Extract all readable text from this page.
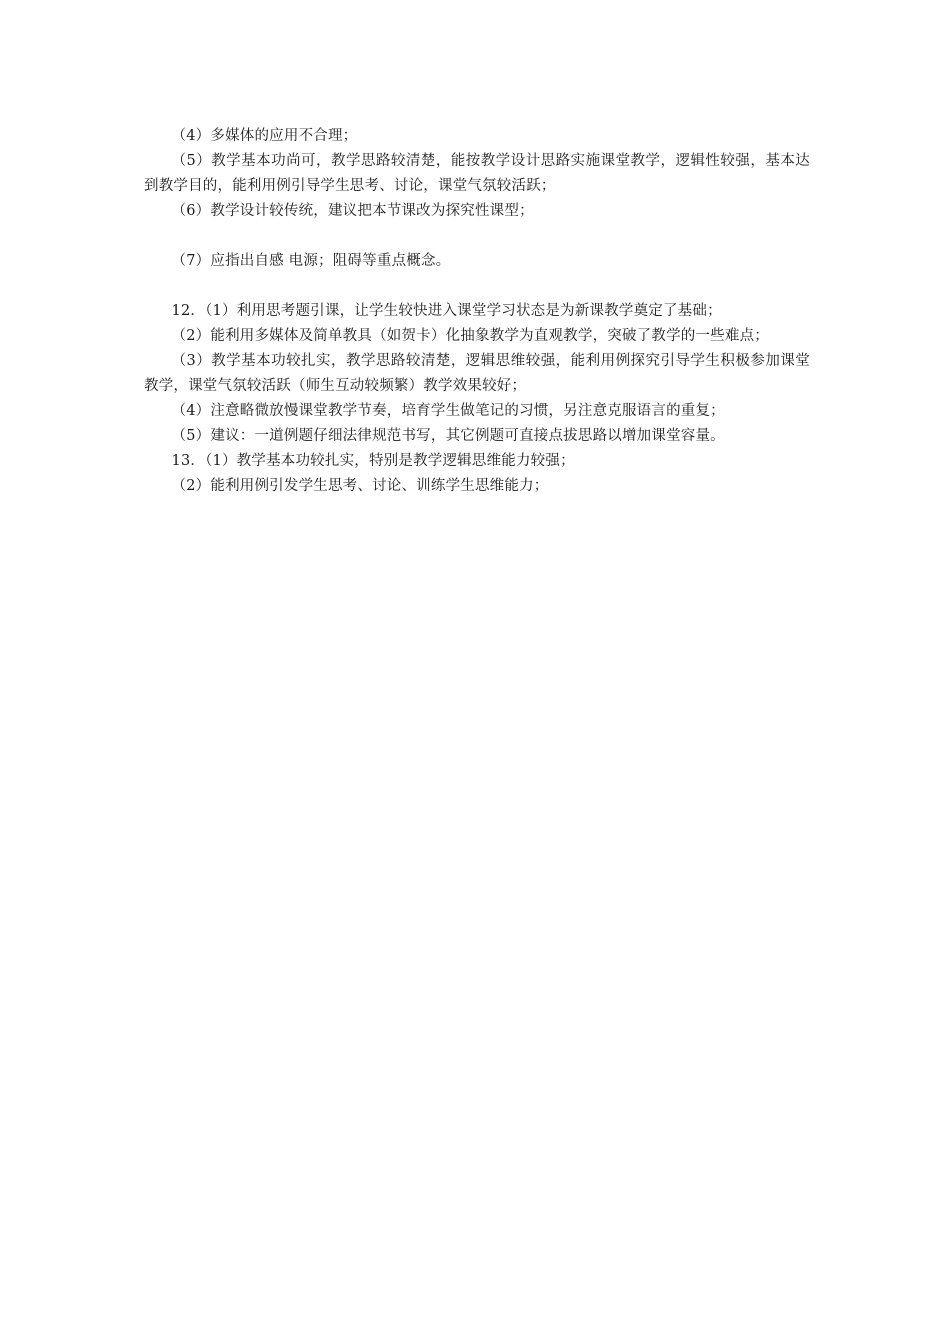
（4）多媒体的应用不合理；

（5）教学基本功尚可，教学思路较清楚，能按教学设计思路实施课堂教学，逻辑性较强，基本达到教学目的，能利用例引导学生思考、讨论，课堂气氛较活跃；

（6）教学设计较传统，建议把本节课改为探究性课型；

（7）应指出自感 电源；阻碍等重点概念。

12．（1）利用思考题引课，让学生较快进入课堂学习状态是为新课教学奠定了基础；

（2）能利用多媒体及简单教具（如贺卡）化抽象教学为直观教学，突破了教学的一些难点；

（3）教学基本功较扎实，教学思路较清楚，逻辑思维较强，能利用例探究引导学生积极参加课堂教学，课堂气氛较活跃（师生互动较频繁）教学效果较好；

（4）注意略微放慢课堂教学节奏，培育学生做笔记的习惯，另注意克服语言的重复；

（5）建议：一道例题仔细法律规范书写，其它例题可直接点拔思路以增加课堂容量。

13．（1）教学基本功较扎实，特别是教学逻辑思维能力较强；

（2）能利用例引发学生思考、讨论、训练学生思维能力；
